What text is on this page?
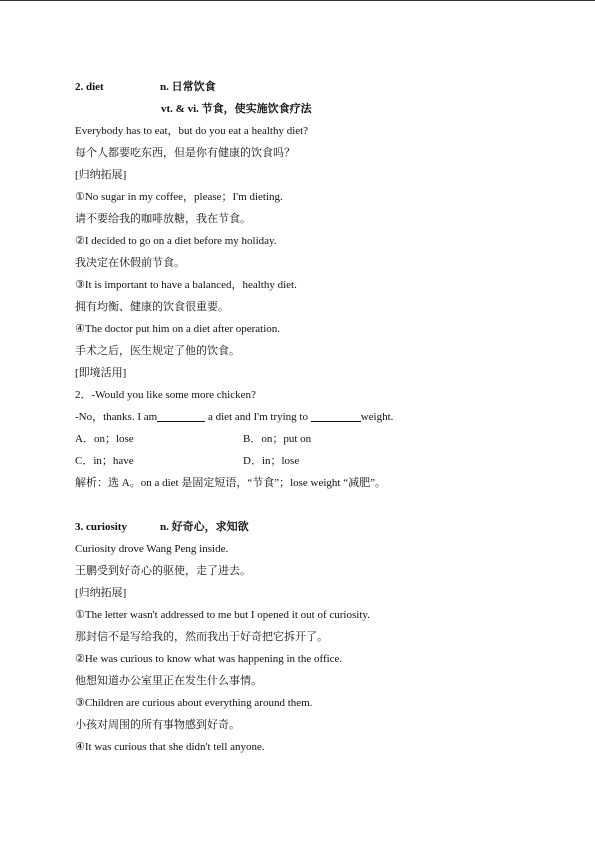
2. diet	n. 日常饮食
vt. & vi. 节食，使实施饮食疗法
Everybody has to eat，but do you eat a healthy diet?
每个人都要吃东西，但是你有健康的饮食吗？
[归纳拓展]
①No sugar in my coffee，please；I'm dieting.
请不要给我的咖啡放糖，我在节食。
②I decided to go on a diet before my holiday.
我决定在休假前节食。
③It is important to have a balanced，healthy diet.
拥有均衡、健康的饮食很重要。
④The doctor put him on a diet after operation.
手术之后，医生规定了他的饮食。
[即境活用]
2．-Would you like some more chicken?
-No，thanks. I am	a diet and I'm trying to	weight.
A．on；lose	B．on；put on
C．in；have	D．in；lose
解析：选 A。on a diet 是固定短语，“节食”；lose weight “减肥”。
3. curiosity	n. 好奇心，求知欲
Curiosity drove Wang Peng inside.
王鹏受到好奇心的驱使，走了进去。
[归纳拓展]
①The letter wasn't addressed to me but I opened it out of curiosity.
那封信不是写给我的，然而我出于好奇把它拆开了。
②He was curious to know what was happening in the office.
他想知道办公室里正在发生什么事情。
③Children are curious about everything around them.
小孩对周围的所有事物感到好奇。
④It was curious that she didn't tell anyone.
